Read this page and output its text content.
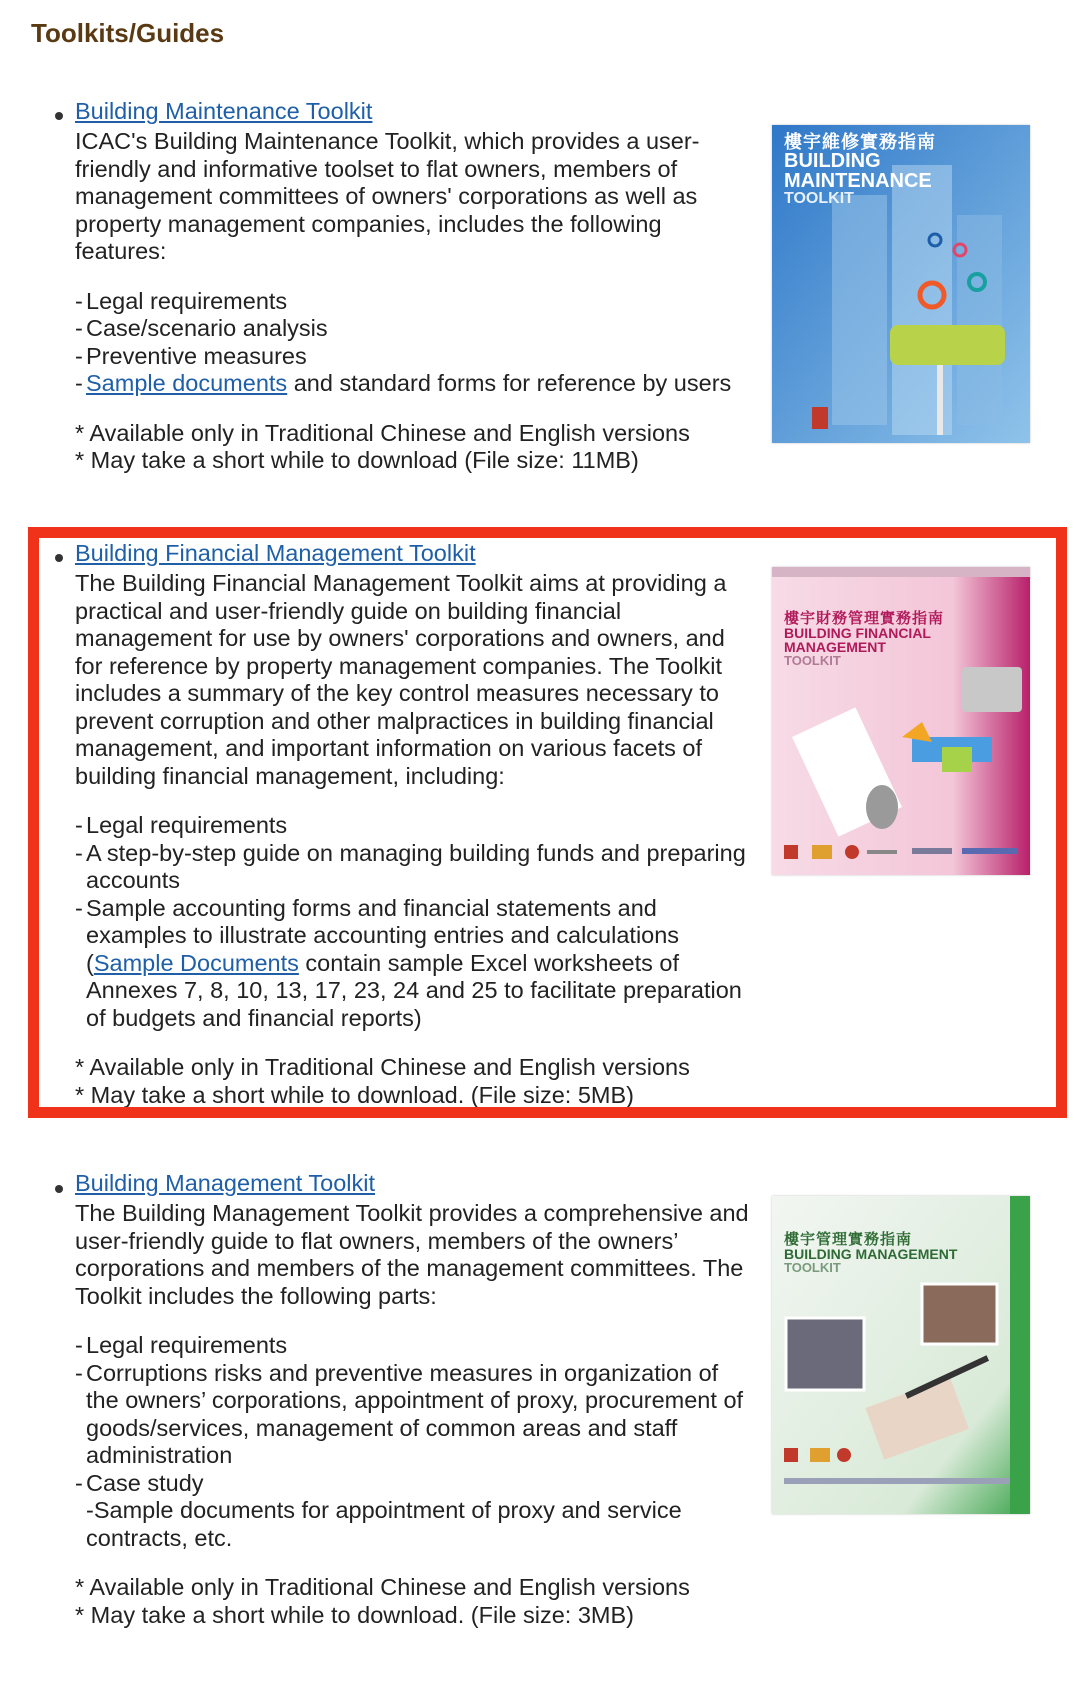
Toolkits/Guides
Building Maintenance Toolkit

ICAC's Building Maintenance Toolkit, which provides a user-friendly and informative toolset to flat owners, members of management committees of owners' corporations as well as property management companies, includes the following features:

- Legal requirements
- Case/scenario analysis
- Preventive measures
- Sample documents and standard forms for reference by users
* Available only in Traditional Chinese and English versions
* May take a short while to download (File size: 11MB)
樓宇維修實務指南
BUILDING
MAINTENANCE
TOOLKIT
Building Financial Management Toolkit

The Building Financial Management Toolkit aims at providing a practical and user-friendly guide on building financial management for use by owners' corporations and owners, and for reference by property management companies. The Toolkit includes a summary of the key control measures necessary to prevent corruption and other malpractices in building financial management, and important information on various facets of building financial management, including:

- Legal requirements
- A step-by-step guide on managing building funds and preparing accounts
- Sample accounting forms and financial statements and examples to illustrate accounting entries and calculations (Sample Documents contain sample Excel worksheets of Annexes 7, 8, 10, 13, 17, 23, 24 and 25 to facilitate preparation of budgets and financial reports)
* Available only in Traditional Chinese and English versions
* May take a short while to download. (File size: 5MB)
樓宇財務管理實務指南
BUILDING FINANCIAL
MANAGEMENT
TOOLKIT
Building Management Toolkit

The Building Management Toolkit provides a comprehensive and user-friendly guide to flat owners, members of the owners’ corporations and members of the management committees. The Toolkit includes the following parts:

- Legal requirements
- Corruptions risks and preventive measures in organization of the owners’ corporations, appointment of proxy, procurement of goods/services, management of common areas and staff administration
- Case study
-Sample documents for appointment of proxy and service contracts, etc.
* Available only in Traditional Chinese and English versions
* May take a short while to download. (File size: 3MB)
樓宇管理實務指南
BUILDING MANAGEMENT
TOOLKIT
